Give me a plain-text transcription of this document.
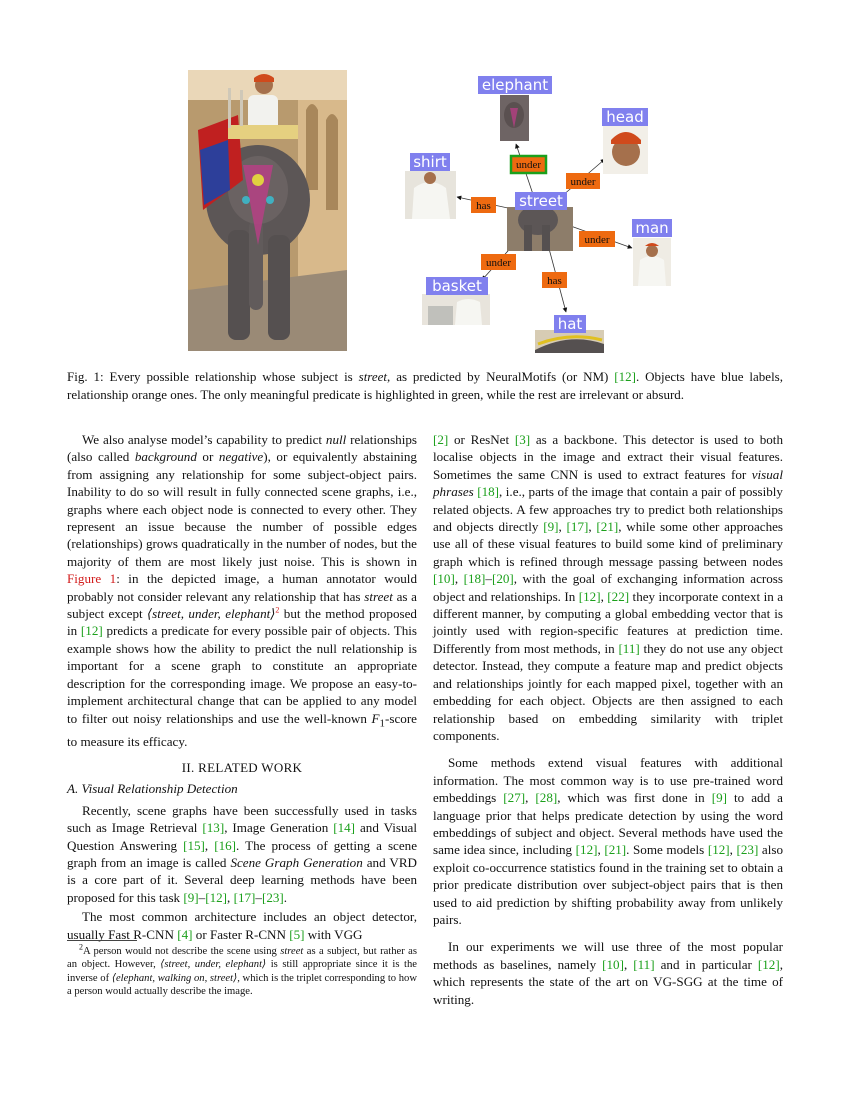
elephant
head
shirt
street
man
basket
hat
under
under
has
under
under
has
Fig. 1: Every possible relationship whose subject is street, as predicted by NeuralMotifs (or NM) [12]. Objects have blue labels, relationship orange ones. The only meaningful predicate is highlighted in green, while the rest are irrelevant or absurd.

We also analyse model’s capability to predict null relationships (also called background or negative), or equivalently abstaining from assigning any relationship for some subject-object pairs. Inability to do so will result in fully connected scene graphs, i.e., graphs where each object node is connected to every other. They represent an issue because the number of possible edges (relationships) grows quadratically in the number of nodes, but the majority of them are most likely just noise. This is shown in Figure 1: in the depicted image, a human annotator would probably not consider relevant any relationship that has street as a subject except ⟨street, under, elephant⟩$^2$ but the method proposed in [12] predicts a predicate for every possible pair of objects. This example shows how the ability to predict the null relationship is important for a scene graph to constitute an appropriate description for the corresponding image. We propose an easy-to-implement architectural change that can be applied to any model to filter out noisy relationships and use the well-known $F_1$-score to measure its efficacy.

II. RELATED WORK
A. Visual Relationship Detection

Recently, scene graphs have been successfully used in tasks such as Image Retrieval [13], Image Generation [14] and Visual Question Answering [15], [16]. The process of getting a scene graph from an image is called Scene Graph Generation and VRD is a core part of it. Several deep learning methods have been proposed for this task [9]–[12], [17]–[23].

The most common architecture includes an object detector, usually Fast R-CNN [4] or Faster R-CNN [5] with VGG

$^2$A person would not describe the scene using street as a subject, but rather as an object. However, ⟨street, under, elephant⟩ is still appropriate since it is the inverse of ⟨elephant, walking on, street⟩, which is the triplet corresponding to how a person would actually describe the image.

[2] or ResNet [3] as a backbone. This detector is used to both localise objects in the image and extract their visual features. Sometimes the same CNN is used to extract features for visual phrases [18], i.e., parts of the image that contain a pair of possibly related objects. A few approaches try to predict both relationships and objects directly [9], [17], [21], while some other approaches use all of these visual features to build some kind of preliminary graph which is refined through message passing between nodes [10], [18]–[20], with the goal of exchanging information across object and relationships. In [12], [22] they incorporate context in a different manner, by computing a global embedding vector that is jointly used with region-specific features at prediction time. Differently from most methods, in [11] they do not use any object detector. Instead, they compute a feature map and predict objects and relationships jointly for each mapped pixel, together with an embedding for each object. Objects are then assigned to each relationship based on embedding similarity with triplet components.

Some methods extend visual features with additional information. The most common way is to use pre-trained word embeddings [27], [28], which was first done in [9] to add a language prior that helps predicate detection by using the word embeddings of subject and object. Several methods have used the same idea since, including [12], [21]. Some models [12], [23] also exploit co-occurrence statistics found in the training set to obtain a prior predicate distribution over subject-object pairs that is then used to aid prediction by shifting probability away from unlikely pairs.

In our experiments we will use three of the most popular methods as baselines, namely [10], [11] and in particular [12], which represents the state of the art on VG-SGG at the time of writing.
